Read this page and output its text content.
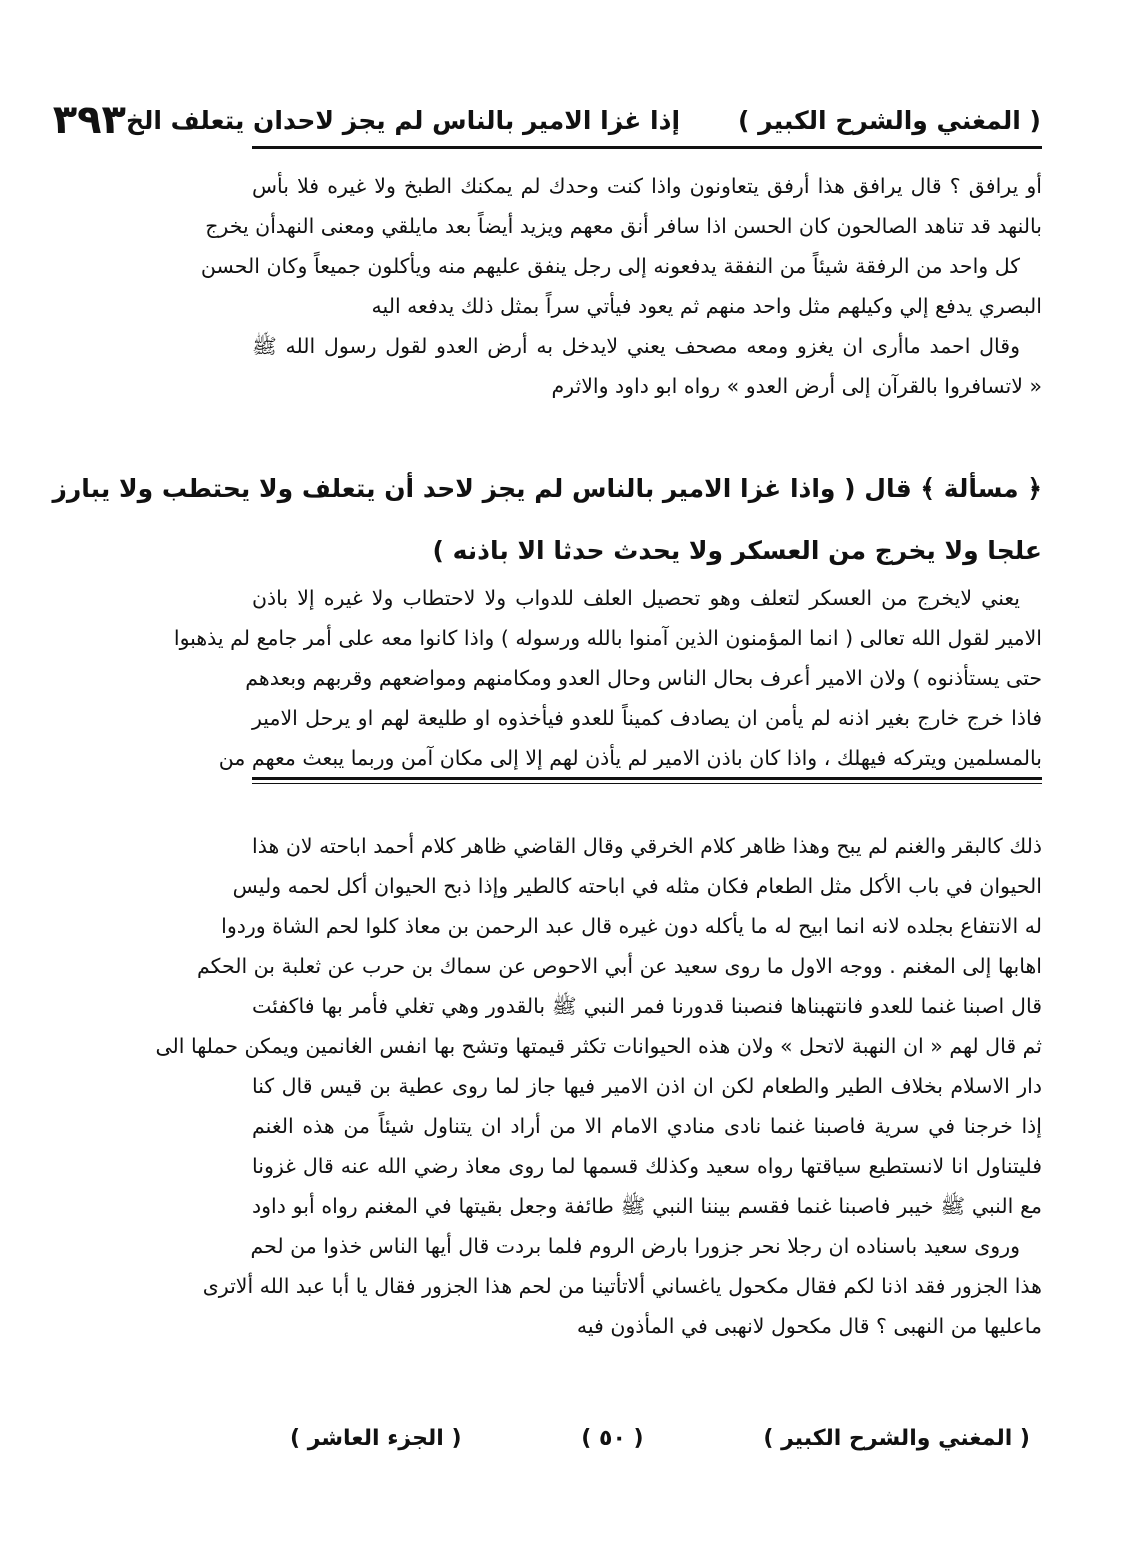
( المغني والشرح الكبير )
إذا غزا الامير بالناس لم يجز لاحدان يتعلف الخ
٣٩٣
أو يرافق ؟ قال يرافق هذا أرفق يتعاونون واذا كنت وحدك لم يمكنك الطبخ ولا غيره فلا بأس
بالنهد قد تناهد الصالحون كان الحسن اذا سافر أنق معهم ويزيد أيضاً بعد مايلقي ومعنى النهدأن يخرج
كل واحد من الرفقة شيئاً من النفقة يدفعونه إلى رجل ينفق عليهم منه ويأكلون جميعاً وكان الحسن
البصري يدفع إلي وكيلهم مثل واحد منهم ثم يعود فيأتي سراً بمثل ذلك يدفعه اليه
وقال احمد ماأرى ان يغزو ومعه مصحف يعني لايدخل به أرض العدو لقول رسول الله ﷺ
« لاتسافروا بالقرآن إلى أرض العدو » رواه ابو داود والاثرم
﴿ مسألة ﴾ قال ( واذا غزا الامير بالناس لم يجز لاحد أن يتعلف ولا يحتطب ولا يبارز
علجا ولا يخرج من العسكر ولا يحدث حدثا الا باذنه )
يعني لايخرج من العسكر لتعلف وهو تحصيل العلف للدواب ولا لاحتطاب ولا غيره إلا باذن
الامير لقول الله تعالى ( انما المؤمنون الذين آمنوا بالله ورسوله ) واذا كانوا معه على أمر جامع لم يذهبوا
حتى يستأذنوه ) ولان الامير أعرف بحال الناس وحال العدو ومكامنهم ومواضعهم وقربهم وبعدهم
فاذا خرج خارج بغير اذنه لم يأمن ان يصادف كميناً للعدو فيأخذوه او طليعة لهم او يرحل الامير
بالمسلمين ويتركه فيهلك ، واذا كان باذن الامير لم يأذن لهم إلا إلى مكان آمن وربما يبعث معهم من
ذلك كالبقر والغنم لم يبح وهذا ظاهر كلام الخرقي وقال القاضي ظاهر كلام أحمد اباحته لان هذا
الحيوان في باب الأكل مثل الطعام فكان مثله في اباحته كالطير وإذا ذبح الحيوان أكل لحمه وليس
له الانتفاع بجلده لانه انما ابيح له ما يأكله دون غيره قال عبد الرحمن بن معاذ كلوا لحم الشاة وردوا
اهابها إلى المغنم . ووجه الاول ما روى سعيد عن أبي الاحوص عن سماك بن حرب عن ثعلبة بن الحكم
قال اصبنا غنما للعدو فانتهبناها فنصبنا قدورنا فمر النبي ﷺ بالقدور وهي تغلي فأمر بها فاكفئت
ثم قال لهم « ان النهبة لاتحل » ولان هذه الحيوانات تكثر قيمتها وتشح بها انفس الغانمين ويمكن حملها الى
دار الاسلام بخلاف الطير والطعام لكن ان اذن الامير فيها جاز لما روى عطية بن قيس قال كنا
إذا خرجنا في سرية فاصبنا غنما نادى منادي الامام الا من أراد ان يتناول شيئاً من هذه الغنم
فليتناول انا لانستطيع سياقتها رواه سعيد وكذلك قسمها لما روى معاذ رضي الله عنه قال غزونا
مع النبي ﷺ خيبر فاصبنا غنما فقسم بيننا النبي ﷺ طائفة وجعل بقيتها في المغنم رواه أبو داود
وروى سعيد باسناده ان رجلا نحر جزورا بارض الروم فلما بردت قال أيها الناس خذوا من لحم
هذا الجزور فقد اذنا لكم فقال مكحول ياغساني ألاتأتينا من لحم هذا الجزور فقال يا أبا عبد الله ألاترى
ماعليها من النهبى ؟ قال مكحول لانهبى في المأذون فيه
( المغني والشرح الكبير )
( ٥٠ )
( الجزء العاشر )
